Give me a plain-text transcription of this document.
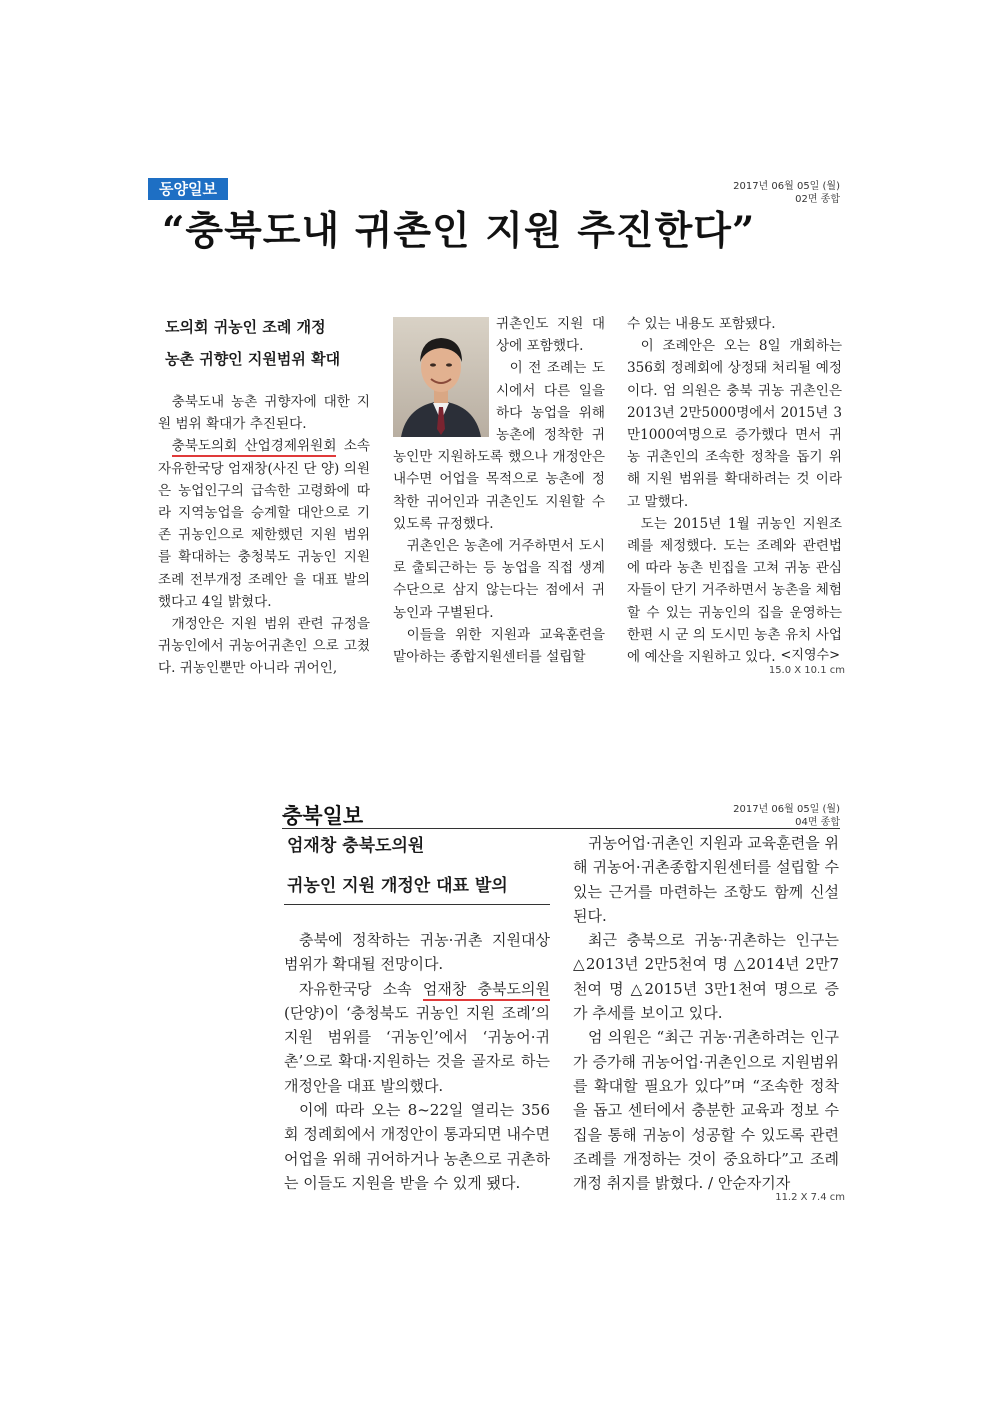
동양일보	2017년 06월 05일 (월)
02면 종합
“충북도내 귀촌인 지원 추진한다”
도의회 귀농인 조례 개정
농촌 귀향인 지원범위 확대

충북도내 농촌 귀향자에 대한 지원 범위 확대가 추진된다.

충북도의회 산업경제위원회 소속 자유한국당 엄재창(사진 단 양) 의원은 농업인구의 급속한 고령화에 따라 지역농업을 승계할 대안으로 기존 귀농인으로 제한했던 지원 범위를 확대하는 충청북도 귀농인 지원 조례 전부개정 조례안 을 대표 발의했다고 4일 밝혔다.

개정안은 지원 범위 관련 규정을 귀농인에서 귀농어귀촌인 으로 고쳤다. 귀농인뿐만 아니라 귀어인,

귀촌인도 지원 대상에 포함했다.

이 전 조례는 도시에서 다른 일을 하다 농업을 위해 농촌에 정착한 귀농인만 지원하도록 했으나 개정안은 내수면 어업을 목적으로 농촌에 정착한 귀어인과 귀촌인도 지원할 수 있도록 규정했다.

귀촌인은 농촌에 거주하면서 도시로 출퇴근하는 등 농업을 직접 생계 수단으로 삼지 않는다는 점에서 귀농인과 구별된다.

이들을 위한 지원과 교육훈련을 맡아하는 종합지원센터를 설립할

수 있는 내용도 포함됐다.

이 조례안은 오는 8일 개회하는 356회 정례회에 상정돼 처리될 예정이다. 엄 의원은 충북 귀농 귀촌인은 2013년 2만5000명에서 2015년 3만1000여명으로 증가했다 면서 귀농 귀촌인의 조속한 정착을 돕기 위해 지원 범위를 확대하려는 것 이라고 말했다.

도는 2015년 1월 귀농인 지원조례를 제정했다. 도는 조례와 관련법에 따라 농촌 빈집을 고쳐 귀농 관심자들이 단기 거주하면서 농촌을 체험할 수 있는 귀농인의 집을 운영하는 한편 시 군 의 도시민 농촌 유치 사업에 예산을 지원하고 있다. <지영수>
15.0 X 10.1 cm
충북일보	2017년 06월 05일 (월)
04면 종합
엄재창 충북도의원
귀농인 지원 개정안 대표 발의

충북에 정착하는 귀농·귀촌 지원대상 범위가 확대될 전망이다.

자유한국당 소속 엄재창 충북도의원(단양)이 ‘충청북도 귀농인 지원 조례’의 지원 범위를 ‘귀농인’에서 ‘귀농어·귀촌’으로 확대·지원하는 것을 골자로 하는 개정안을 대표 발의했다.

이에 따라 오는 8~22일 열리는 356회 정례회에서 개정안이 통과되면 내수면 어업을 위해 귀어하거나 농촌으로 귀촌하는 이들도 지원을 받을 수 있게 됐다.

귀농어업·귀촌인 지원과 교육훈련을 위해 귀농어·귀촌종합지원센터를 설립할 수 있는 근거를 마련하는 조항도 함께 신설된다.

최근 충북으로 귀농·귀촌하는 인구는 △2013년 2만5천여 명 △2014년 2만7천여 명 △2015년 3만1천여 명으로 증가 추세를 보이고 있다.

엄 의원은 “최근 귀농·귀촌하려는 인구가 증가해 귀농어업·귀촌인으로 지원범위를 확대할 필요가 있다”며 “조속한 정착을 돕고 센터에서 충분한 교육과 정보 수집을 통해 귀농이 성공할 수 있도록 관련 조례를 개정하는 것이 중요하다”고 조례 개정 취지를 밝혔다. / 안순자기자

11.2 X 7.4 cm
